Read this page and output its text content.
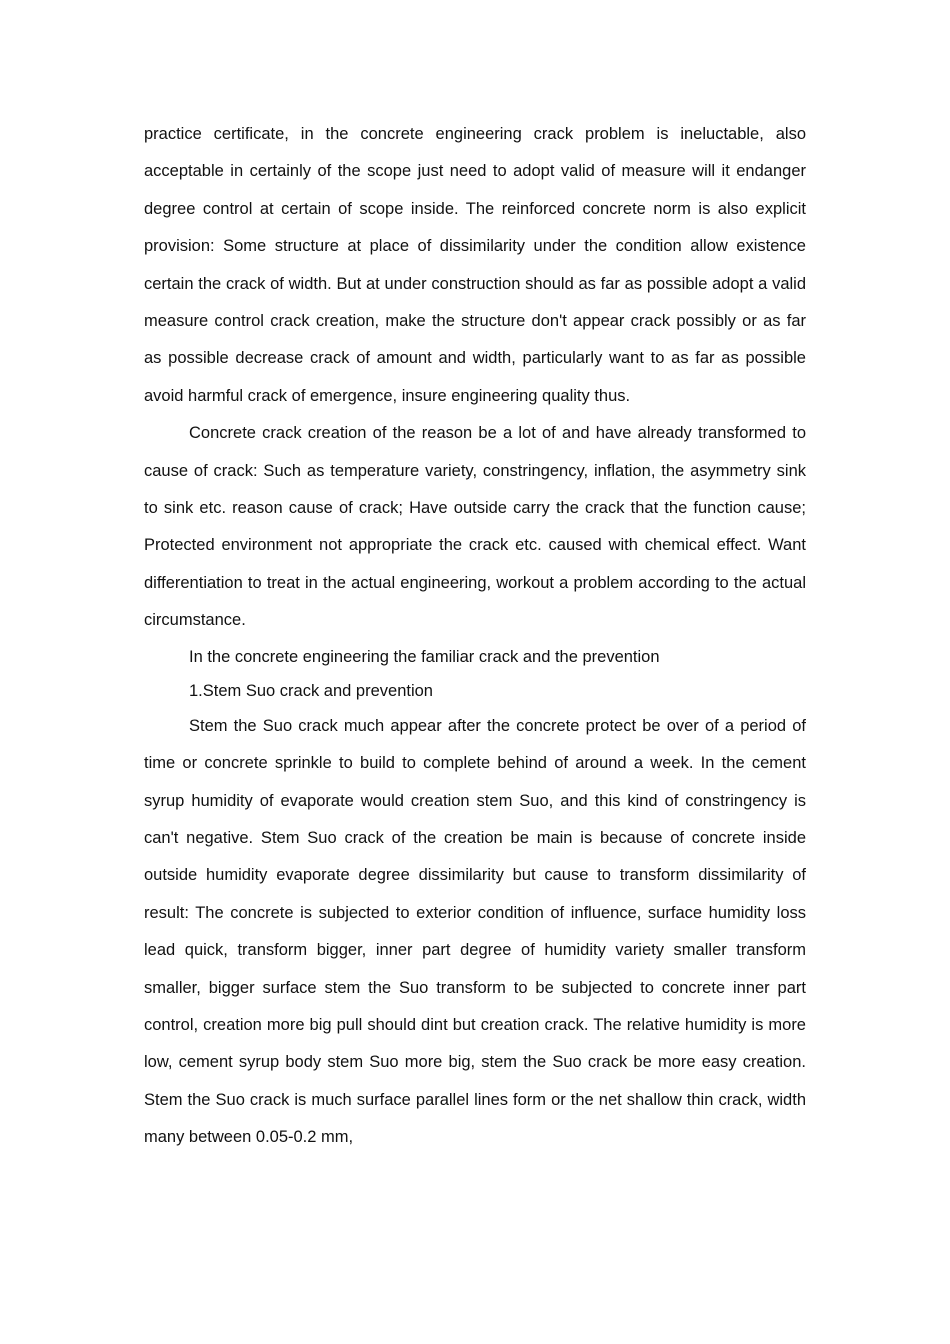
practice certificate, in the concrete engineering crack problem is ineluctable, also acceptable in certainly of the scope just need to adopt valid of measure will it endanger degree control at certain of scope inside. The reinforced concrete norm is also explicit provision: Some structure at place of dissimilarity under the condition allow existence certain the crack of width. But at under construction should as far as possible adopt a valid measure control crack creation, make the structure don't appear crack possibly or as far as possible decrease crack of amount and width, particularly want to as far as possible avoid harmful crack of emergence, insure engineering quality thus.

Concrete crack creation of the reason be a lot of and have already transformed to cause of crack: Such as temperature variety, constringency, inflation, the asymmetry sink to sink etc. reason cause of crack; Have outside carry the crack that the function cause; Protected environment not appropriate the crack etc. caused with chemical effect. Want differentiation to treat in the actual engineering, workout a problem according to the actual circumstance.

In the concrete engineering the familiar crack and the prevention

1.Stem Suo crack and prevention

Stem the Suo crack much appear after the concrete protect be over of a period of time or concrete sprinkle to build to complete behind of around a week. In the cement syrup humidity of evaporate would creation stem Suo, and this kind of constringency is can't negative. Stem Suo crack of the creation be main is because of concrete inside outside humidity evaporate degree dissimilarity but cause to transform dissimilarity of result: The concrete is subjected to exterior condition of influence, surface humidity loss lead quick, transform bigger, inner part degree of humidity variety smaller transform smaller, bigger surface stem the Suo transform to be subjected to concrete inner part control, creation more big pull should dint but creation crack. The relative humidity is more low, cement syrup body stem Suo more big, stem the Suo crack be more easy creation. Stem the Suo crack is much surface parallel lines form or the net shallow thin crack, width many between 0.05-0.2 mm,
